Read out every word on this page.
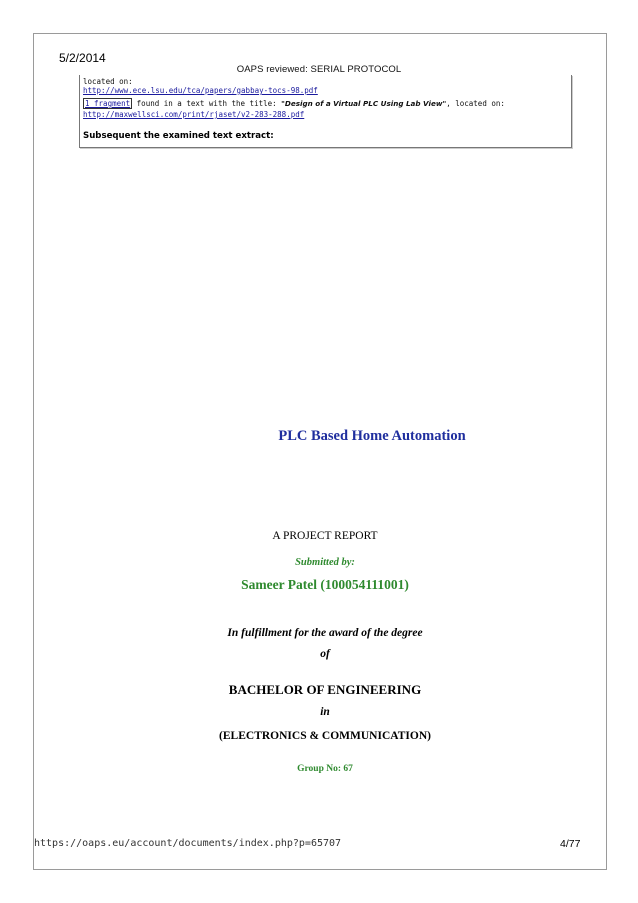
5/2/2014
OAPS reviewed: SERIAL PROTOCOL
located on:
http://www.ece.lsu.edu/tca/papers/gabbay-tocs-98.pdf
1 fragment found in a text with the title: "Design of a Virtual PLC Using Lab View", located on:
http://maxwellsci.com/print/rjaset/v2-283-288.pdf
Subsequent the examined text extract:
PLC Based Home Automation
A PROJECT REPORT
Submitted by:
Sameer Patel (100054111001)
In fulfillment for the award of the degree
of
BACHELOR OF ENGINEERING
in
(ELECTRONICS & COMMUNICATION)
Group No: 67
https://oaps.eu/account/documents/index.php?p=65707	4/77
